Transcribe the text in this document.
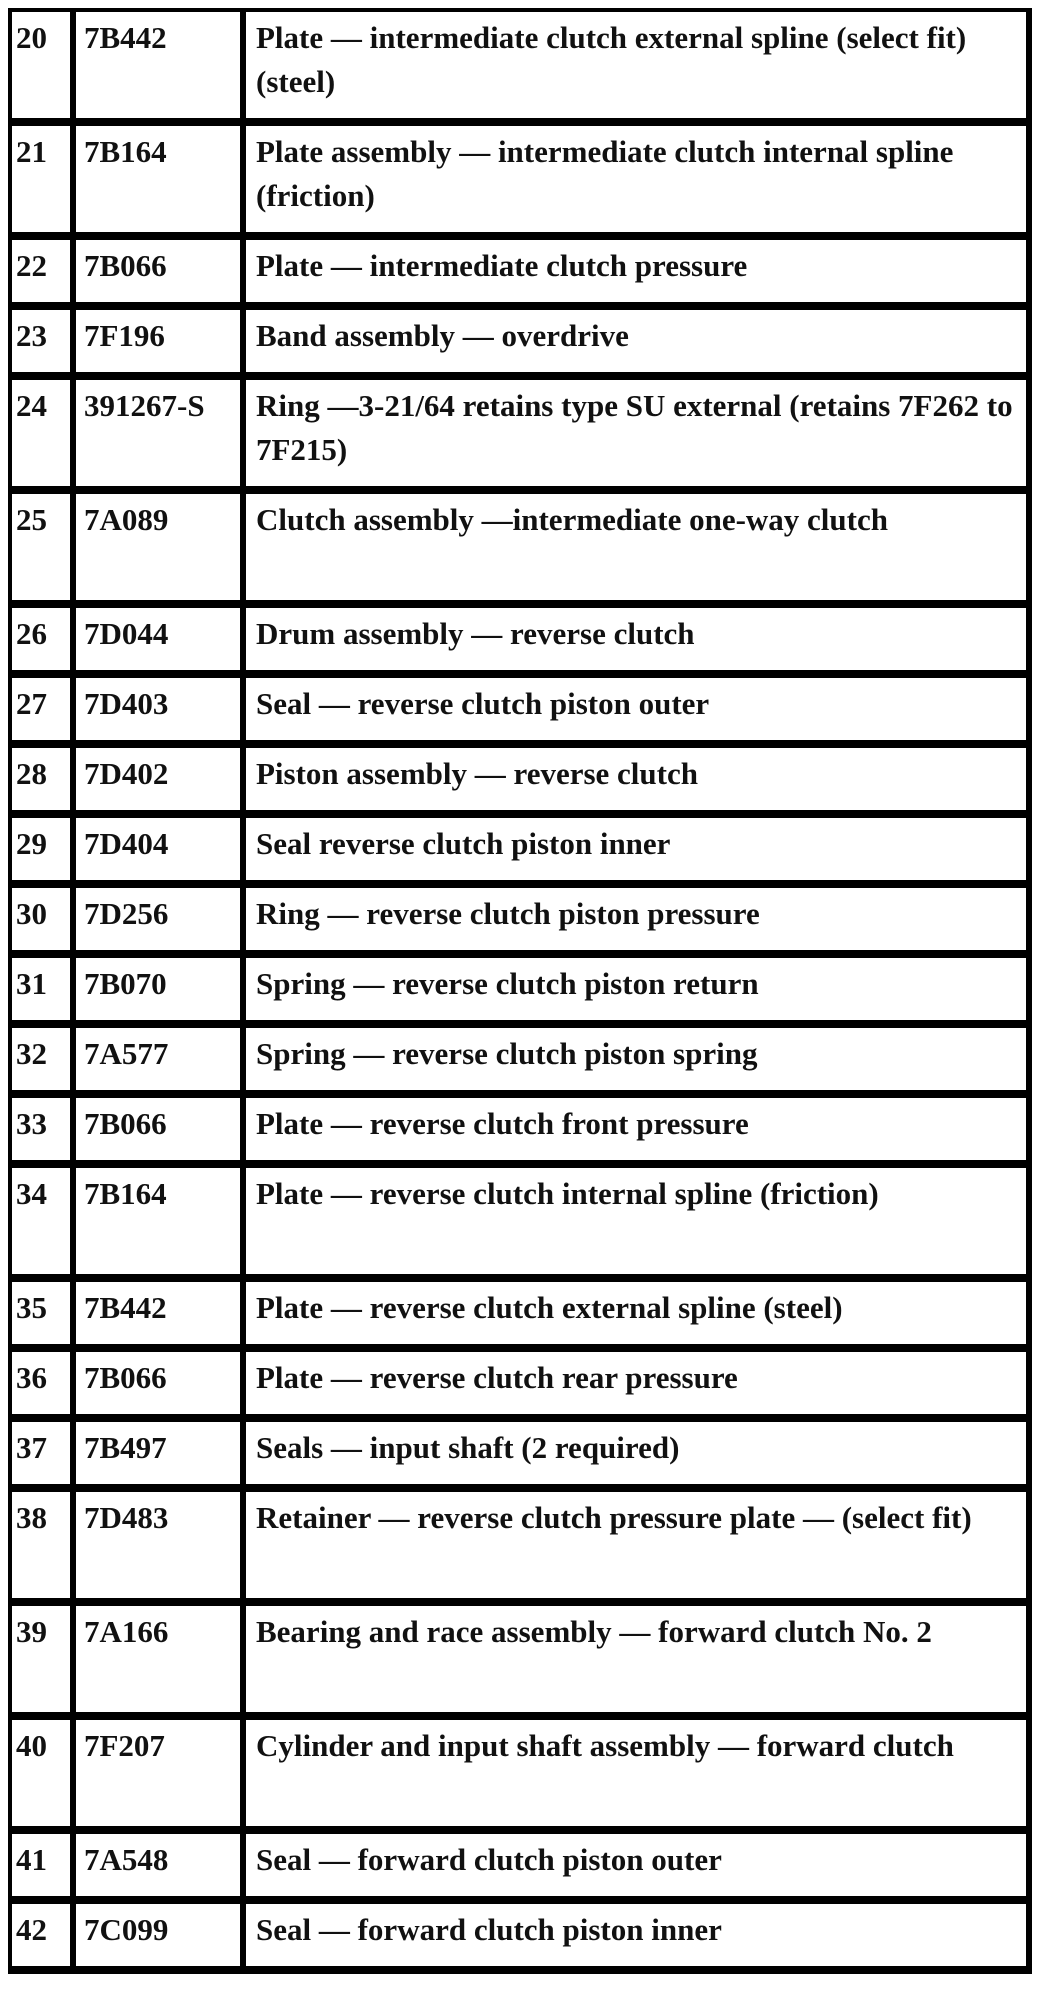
20	7B442	Plate — intermediate clutch external spline (select fit) (steel)
21	7B164	Plate assembly — intermediate clutch internal spline (friction)
22	7B066	Plate — intermediate clutch pressure
23	7F196	Band assembly — overdrive
24	391267-S	Ring —3-21/64 retains type SU external (retains 7F262 to 7F215)
25	7A089	Clutch assembly —intermediate one-way clutch
26	7D044	Drum assembly — reverse clutch
27	7D403	Seal — reverse clutch piston outer
28	7D402	Piston assembly — reverse clutch
29	7D404	Seal reverse clutch piston inner
30	7D256	Ring — reverse clutch piston pressure
31	7B070	Spring — reverse clutch piston return
32	7A577	Spring — reverse clutch piston spring
33	7B066	Plate — reverse clutch front pressure
34	7B164	Plate — reverse clutch internal spline (friction)
35	7B442	Plate — reverse clutch external spline (steel)
36	7B066	Plate — reverse clutch rear pressure
37	7B497	Seals — input shaft (2 required)
38	7D483	Retainer — reverse clutch pressure plate — (select fit)
39	7A166	Bearing and race assembly — forward clutch No. 2
40	7F207	Cylinder and input shaft assembly — forward clutch
41	7A548	Seal — forward clutch piston outer
42	7C099	Seal — forward clutch piston inner
